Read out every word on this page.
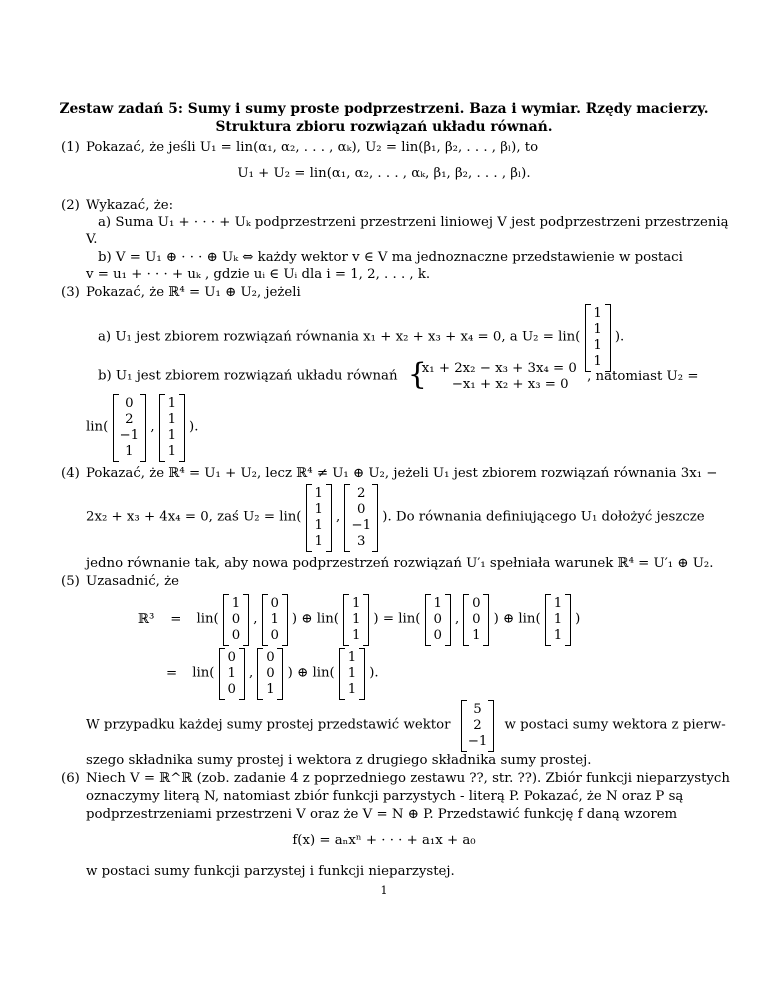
Zestaw zadań 5: Sumy i sumy proste podprzestrzeni. Baza i wymiar. Rzędy macierzy.
Struktura zbioru rozwiązań układu równań.
(1) Pokazać, że jeśli U₁ = lin(α₁, α₂, . . . , αₖ), U₂ = lin(β₁, β₂, . . . , βₗ), to
U₁ + U₂ = lin(α₁, α₂, . . . , αₖ, β₁, β₂, . . . , βₗ).
(2) Wykazać, że:
a) Suma U₁ + · · · + Uₖ podprzestrzeni przestrzeni liniowej V jest podprzestrzeni przestrzenią
V.
b) V = U₁ ⊕ · · · ⊕ Uₖ ⇔ każdy wektor v ∈ V ma jednoznaczne przedstawienie w postaci
v = u₁ + · · · + uₖ , gdzie uᵢ ∈ Uᵢ dla i = 1, 2, . . . , k.
(3) Pokazać, że ℝ⁴ = U₁ ⊕ U₂, jeżeli
a) U₁ jest zbiorem rozwiązań równania x₁ + x₂ + x₃ + x₄ = 0, a U₂ = lin(
1
1
1
1
).
b) U₁ jest zbiorem rozwiązań układu równań {
x₁ + 2x₂ − x₃ + 3x₄ = 0
−x₁ + x₂ + x₃ = 0
, natomiast U₂ =
lin(
0
2
−1
1
,
1
1
1
1
).
(4) Pokazać, że ℝ⁴ = U₁ + U₂, lecz ℝ⁴ ≠ U₁ ⊕ U₂, jeżeli U₁ jest zbiorem rozwiązań równania 3x₁ −
2x₂ + x₃ + 4x₄ = 0, zaś U₂ = lin(
1
1
1
1
,
2
0
−1
3
). Do równania definiującego U₁ dołożyć jeszcze
jedno równanie tak, aby nowa podprzestrzeń rozwiązań U′₁ spełniała warunek ℝ⁴ = U′₁ ⊕ U₂.
(5) Uzasadnić, że
ℝ³ = lin(
1
0
0
,
0
1
0
) ⊕ lin(
1
1
1
) = lin(
1
0
0
,
0
0
1
) ⊕ lin(
1
1
1
)
= lin(
0
1
0
,
0
0
1
) ⊕ lin(
1
1
1
).
W przypadku każdej sumy prostej przedstawić wektor
5
2
−1
w postaci sumy wektora z pierw-
szego składnika sumy prostej i wektora z drugiego składnika sumy prostej.
(6) Niech V = ℝ^ℝ (zob. zadanie 4 z poprzedniego zestawu ??, str. ??). Zbiór funkcji nieparzystych
oznaczymy literą N, natomiast zbiór funkcji parzystych - literą P. Pokazać, że N oraz P są
podprzestrzeniami przestrzeni V oraz że V = N ⊕ P. Przedstawić funkcję f daną wzorem
f(x) = aₙxⁿ + · · · + a₁x + a₀
w postaci sumy funkcji parzystej i funkcji nieparzystej.
1
